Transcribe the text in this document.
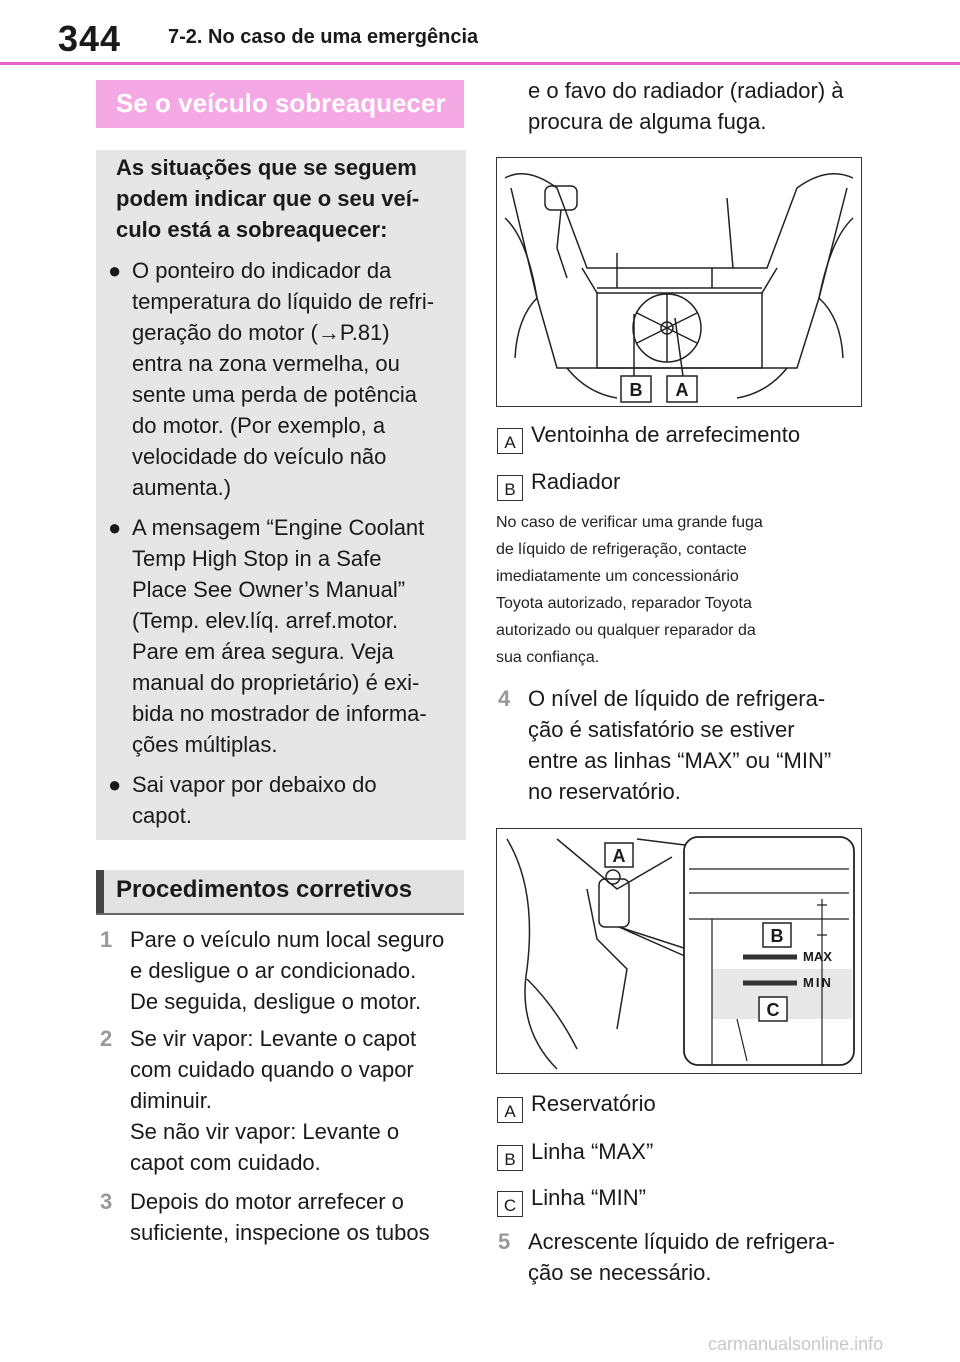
344 7-2. No caso de uma emergência
Se o veículo sobreaquecer
As situações que se seguem
podem indicar que o seu veí-
culo está a sobreaquecer:
● O ponteiro do indicador da
temperatura do líquido de refri-
geração do motor (→P.81)
entra na zona vermelha, ou
sente uma perda de potência
do motor. (Por exemplo, a
velocidade do veículo não
aumenta.)
● A mensagem “Engine Coolant
Temp High Stop in a Safe
Place See Owner’s Manual”
(Temp. elev.líq. arref.motor.
Pare em área segura. Veja
manual do proprietário) é exi-
bida no mostrador de informa-
ções múltiplas.
● Sai vapor por debaixo do
capot.
Procedimentos corretivos
1 Pare o veículo num local seguro
e desligue o ar condicionado.
De seguida, desligue o motor.
2 Se vir vapor: Levante o capot
com cuidado quando o vapor
diminuir.
Se não vir vapor: Levante o
capot com cuidado.
3 Depois do motor arrefecer o
suficiente, inspecione os tubos
e o favo do radiador (radiador) à
procura de alguma fuga.
B	A
A Ventoinha de arrefecimento
B Radiador
No caso de verificar uma grande fuga
de líquido de refrigeração, contacte
imediatamente um concessionário
Toyota autorizado, reparador Toyota
autorizado ou qualquer reparador da
sua confiança.
4 O nível de líquido de refrigera-
ção é satisfatório se estiver
entre as linhas “MAX” ou “MIN”
no reservatório.
A
B
C
MAX
MIN
A Reservatório
B Linha “MAX”
C Linha “MIN”
5 Acrescente líquido de refrigera-
ção se necessário.
carmanualsonline.info
